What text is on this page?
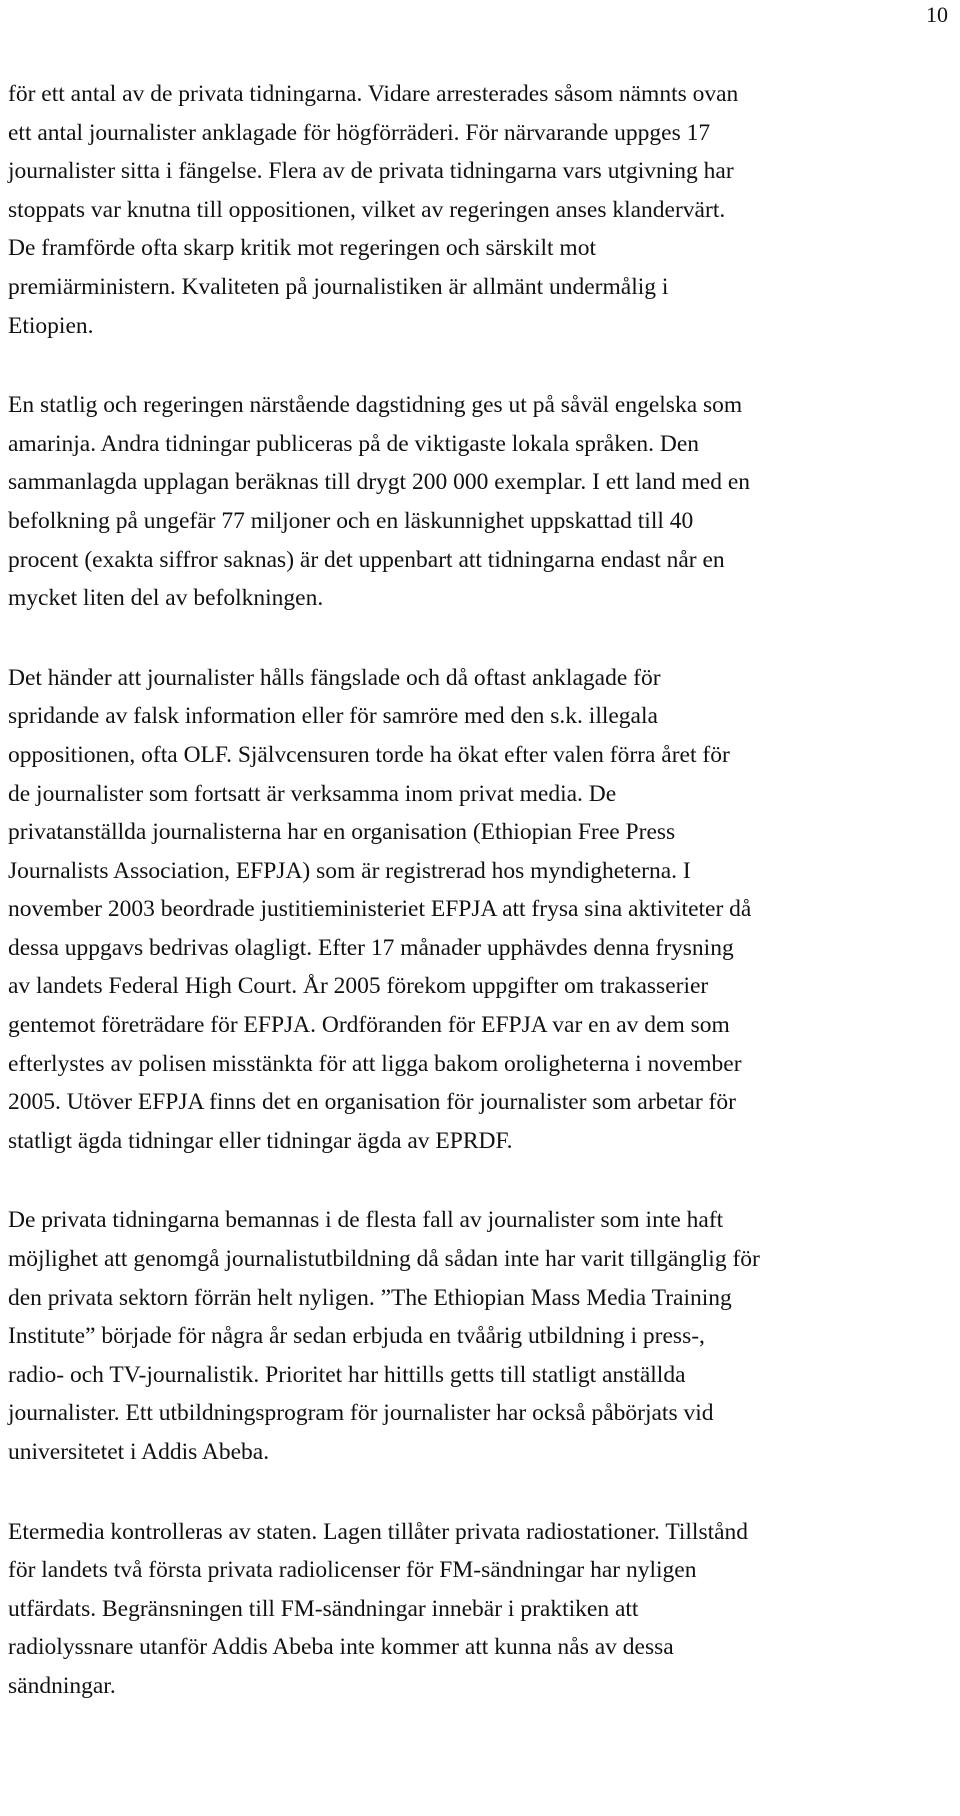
10

för ett antal av de privata tidningarna. Vidare arresterades såsom nämnts ovan
ett antal journalister anklagade för högförräderi. För närvarande uppges 17
journalister sitta i fängelse. Flera av de privata tidningarna vars utgivning har
stoppats var knutna till oppositionen, vilket av regeringen anses klandervärt.
De framförde ofta skarp kritik mot regeringen och särskilt mot
premiärministern. Kvaliteten på journalistiken är allmänt undermålig i
Etiopien.

En statlig och regeringen närstående dagstidning ges ut på såväl engelska som
amarinja. Andra tidningar publiceras på de viktigaste lokala språken. Den
sammanlagda upplagan beräknas till drygt 200 000 exemplar. I ett land med en
befolkning på ungefär 77 miljoner och en läskunnighet uppskattad till 40
procent (exakta siffror saknas) är det uppenbart att tidningarna endast når en
mycket liten del av befolkningen.

Det händer att journalister hålls fängslade och då oftast anklagade för
spridande av falsk information eller för samröre med den s.k. illegala
oppositionen, ofta OLF. Självcensuren torde ha ökat efter valen förra året för
de journalister som fortsatt är verksamma inom privat media. De
privatanställda journalisterna har en organisation (Ethiopian Free Press
Journalists Association, EFPJA) som är registrerad hos myndigheterna. I
november 2003 beordrade justitieministeriet EFPJA att frysa sina aktiviteter då
dessa uppgavs bedrivas olagligt. Efter 17 månader upphävdes denna frysning
av landets Federal High Court. År 2005 förekom uppgifter om trakasserier
gentemot företrädare för EFPJA. Ordföranden för EFPJA var en av dem som
efterlystes av polisen misstänkta för att ligga bakom oroligheterna i november
2005. Utöver EFPJA finns det en organisation för journalister som arbetar för
statligt ägda tidningar eller tidningar ägda av EPRDF.

De privata tidningarna bemannas i de flesta fall av journalister som inte haft
möjlighet att genomgå journalistutbildning då sådan inte har varit tillgänglig för
den privata sektorn förrän helt nyligen. ”The Ethiopian Mass Media Training
Institute” började för några år sedan erbjuda en tvåårig utbildning i press-,
radio- och TV-journalistik. Prioritet har hittills getts till statligt anställda
journalister. Ett utbildningsprogram för journalister har också påbörjats vid
universitetet i Addis Abeba.

Etermedia kontrolleras av staten. Lagen tillåter privata radiostationer. Tillstånd
för landets två första privata radiolicenser för FM-sändningar har nyligen
utfärdats. Begränsningen till FM-sändningar innebär i praktiken att
radiolyssnare utanför Addis Abeba inte kommer att kunna nås av dessa
sändningar.
